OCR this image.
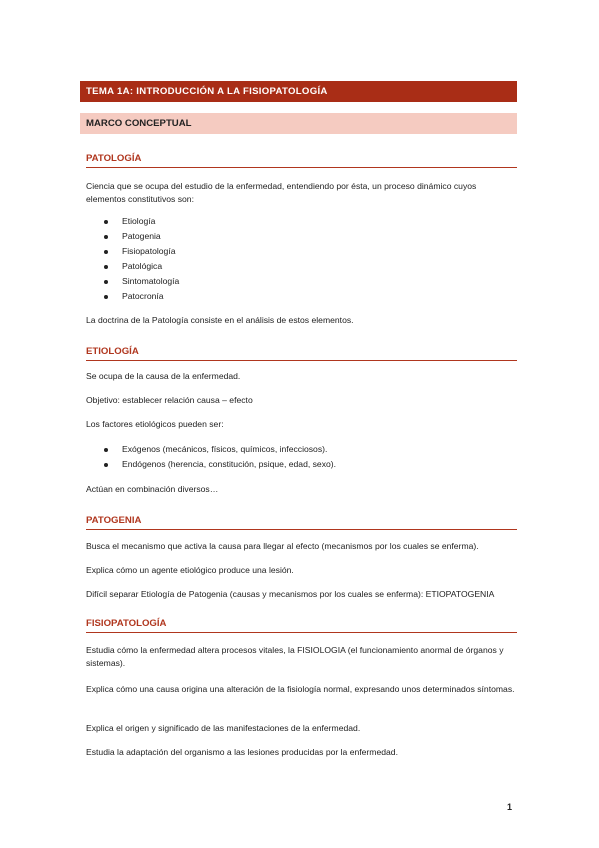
TEMA 1A: INTRODUCCIÓN A LA FISIOPATOLOGÍA
MARCO CONCEPTUAL
PATOLOGÍA
Ciencia que se ocupa del estudio de la enfermedad, entendiendo por ésta, un proceso dinámico cuyos elementos constitutivos son:
Etiología
Patogenia
Fisiopatología
Patológica
Sintomatología
Patocronía
La doctrina de la Patología consiste en el análisis de estos elementos.
ETIOLOGÍA
Se ocupa de la causa de la enfermedad.
Objetivo: establecer relación causa – efecto
Los factores etiológicos pueden ser:
Exógenos (mecánicos, físicos, químicos, infecciosos).
Endógenos (herencia, constitución, psique, edad, sexo).
Actúan en combinación diversos…
PATOGENIA
Busca el mecanismo que activa la causa para llegar al efecto (mecanismos por los cuales se enferma).
Explica cómo un agente etiológico produce una lesión.
Difícil separar Etiología de Patogenia (causas y mecanismos por los cuales se enferma): ETIOPATOGENIA
FISIOPATOLOGÍA
Estudia cómo la enfermedad altera procesos vitales, la FISIOLOGIA (el funcionamiento anormal de órganos y sistemas).
Explica cómo una causa origina una alteración de la fisiología normal, expresando unos determinados síntomas.
Explica el origen y significado de las manifestaciones de la enfermedad.
Estudia la adaptación del organismo a las lesiones producidas por la enfermedad.
1
